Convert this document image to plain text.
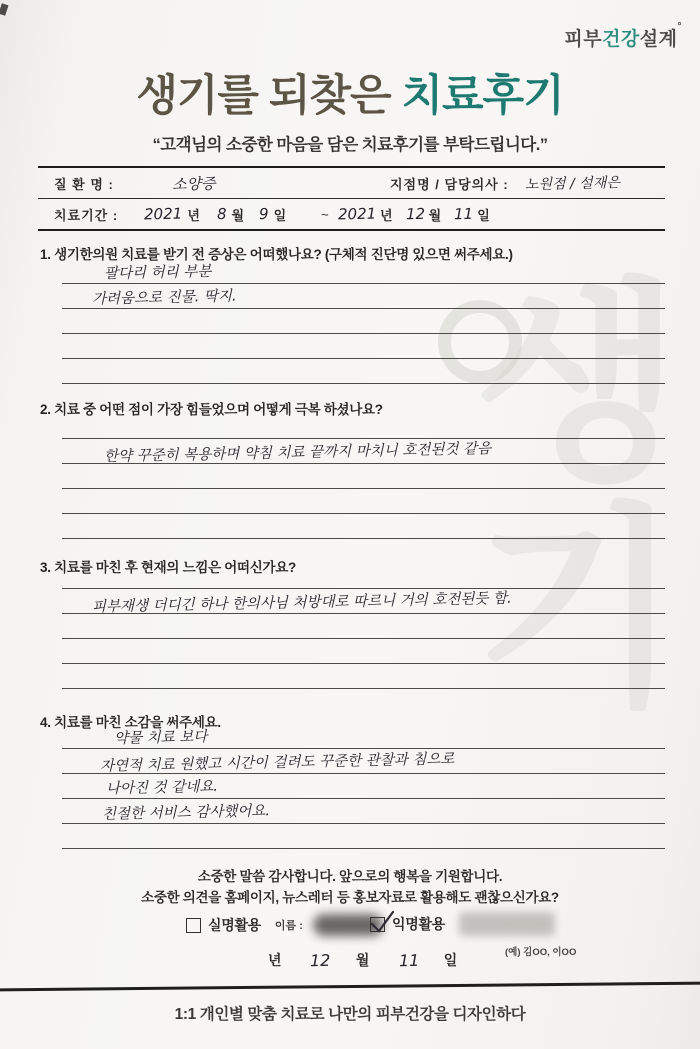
생기
피부건강설계°
생기를 되찾은 치료후기
“고객님의 소중한 마음을 담은 치료후기를 부탁드립니다.”
질 환 명 :	소양증	지점명 / 담당의사 : 노원점 / 설재은
치료기간 : 2021 년 8 월 9 일	~ 2021 년 12 월 11 일
1. 생기한의원 치료를 받기 전 증상은 어떠했나요? (구체적 진단명 있으면 써주세요.)
팔다리 허리 부분
가려움으로 진물. 딱지.
2. 치료 중 어떤 점이 가장 힘들었으며 어떻게 극복 하셨나요?
한약 꾸준히 복용하며 약침 치료 끝까지 마치니 호전된것 같음
3. 치료를 마친 후 현재의 느낌은 어떠신가요?
피부재생 더디긴 하나 한의사님 처방대로 따르니 거의 호전된듯 함.
4. 치료를 마친 소감을 써주세요.
약물 치료 보다
자연적 치료 원했고 시간이 걸려도 꾸준한 관찰과 침으로
나아진 것 같네요.
친절한 서비스 감사했어요.
소중한 말씀 감사합니다. 앞으로의 행복을 기원합니다.
소중한 의견을 홈페이지, 뉴스레터 등 홍보자료로 활용해도 괜찮으신가요?
실명활용 이름 :	익명활용
(예) 김OO, 이OO
년 12 월 11 일
1:1 개인별 맞춤 치료로 나만의 피부건강을 디자인하다
